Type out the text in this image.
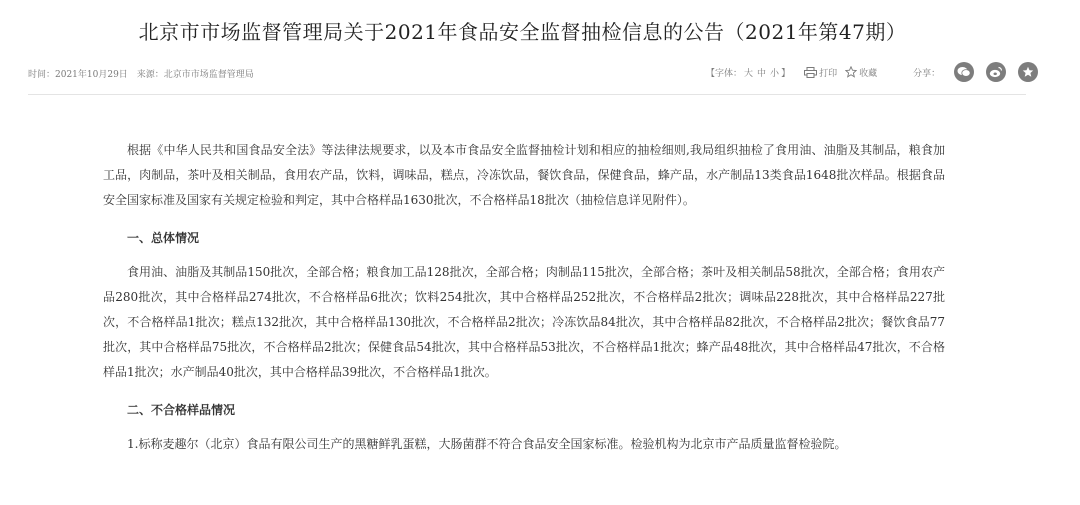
北京市市场监督管理局关于2021年食品安全监督抽检信息的公告（2021年第47期）
时间：2021年10月29日 来源：北京市市场监督管理局	【字体： 大 中 小 】	打印 收藏	分享：

根据《中华人民共和国食品安全法》等法律法规要求，以及本市食品安全监督抽检计划和相应的抽检细则,我局组织抽检了食用油、油脂及其制品，粮食加工品，肉制品，茶叶及相关制品，食用农产品，饮料，调味品，糕点，冷冻饮品，餐饮食品，保健食品，蜂产品，水产制品13类食品1648批次样品。根据食品安全国家标准及国家有关规定检验和判定，其中合格样品1630批次，不合格样品18批次（抽检信息详见附件）。

一、总体情况

食用油、油脂及其制品150批次，全部合格；粮食加工品128批次，全部合格；肉制品115批次，全部合格；茶叶及相关制品58批次，全部合格；食用农产品280批次，其中合格样品274批次，不合格样品6批次；饮料254批次，其中合格样品252批次，不合格样品2批次；调味品228批次，其中合格样品227批次，不合格样品1批次；糕点132批次，其中合格样品130批次，不合格样品2批次；冷冻饮品84批次，其中合格样品82批次，不合格样品2批次；餐饮食品77批次，其中合格样品75批次，不合格样品2批次；保健食品54批次，其中合格样品53批次，不合格样品1批次；蜂产品48批次，其中合格样品47批次，不合格样品1批次；水产制品40批次，其中合格样品39批次，不合格样品1批次。

二、不合格样品情况

1.标称麦趣尔（北京）食品有限公司生产的黑糖鲜乳蛋糕，大肠菌群不符合食品安全国家标准。检验机构为北京市产品质量监督检验院。
